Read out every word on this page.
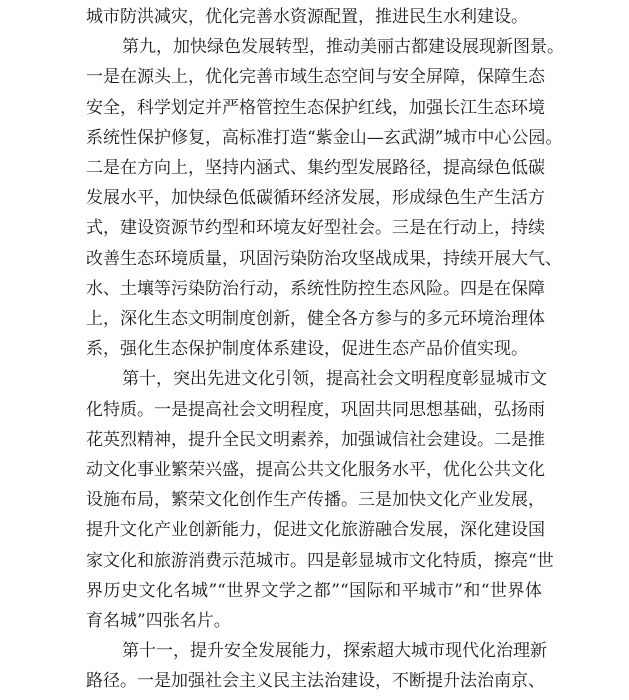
城市防洪减灾，优化完善水资源配置，推进民生水利建设。
第九，加快绿色发展转型，推动美丽古都建设展现新图景。
一是在源头上，优化完善市域生态空间与安全屏障，保障生态
安全，科学划定并严格管控生态保护红线，加强长江生态环境
系统性保护修复，高标准打造“紫金山—玄武湖”城市中心公园。
二是在方向上，坚持内涵式、集约型发展路径，提高绿色低碳
发展水平，加快绿色低碳循环经济发展，形成绿色生产生活方
式，建设资源节约型和环境友好型社会。三是在行动上，持续
改善生态环境质量，巩固污染防治攻坚战成果，持续开展大气、
水、土壤等污染防治行动，系统性防控生态风险。四是在保障
上，深化生态文明制度创新，健全各方参与的多元环境治理体
系，强化生态保护制度体系建设，促进生态产品价值实现。
第十，突出先进文化引领，提高社会文明程度彰显城市文
化特质。一是提高社会文明程度，巩固共同思想基础，弘扬雨
花英烈精神，提升全民文明素养，加强诚信社会建设。二是推
动文化事业繁荣兴盛，提高公共文化服务水平，优化公共文化
设施布局，繁荣文化创作生产传播。三是加快文化产业发展，
提升文化产业创新能力，促进文化旅游融合发展，深化建设国
家文化和旅游消费示范城市。四是彰显城市文化特质，擦亮“世
界历史文化名城”“世界文学之都”“国际和平城市”和“世界体
育名城”四张名片。
第十一，提升安全发展能力，探索超大城市现代化治理新
路径。一是加强社会主义民主法治建设，不断提升法治南京、
